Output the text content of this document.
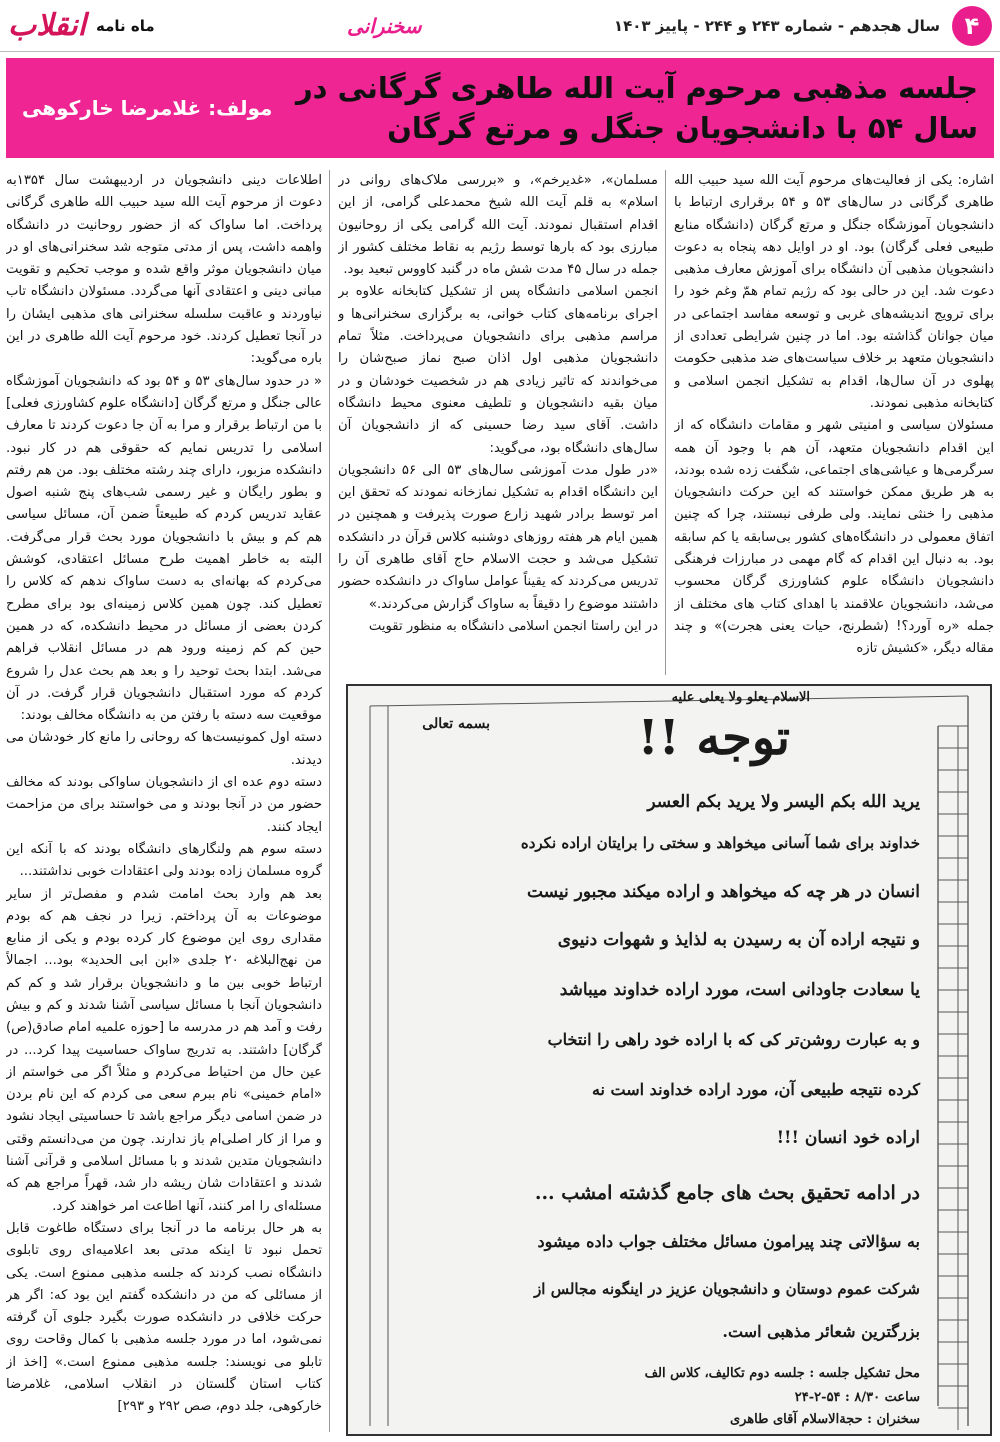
۴
سال هجدهم - شماره ۲۴۳ و ۲۴۴ - پاییز ۱۴۰۳
سخنرانی
ماه نامه
انقلاب
جلسه مذهبی مرحوم آیت الله طاهری گرگانی در سال ۵۴ با دانشجویان جنگل و مرتع گرگان
مولف: غلامرضا خارکوهی

اشاره: یکی از فعالیت‌های مرحوم آیت الله سید حبیب الله طاهری گرگانی در سال‌های ۵۳ و ۵۴ برقراری ارتباط با دانشجویان آموزشگاه جنگل و مرتع گرگان (دانشگاه منابع طبیعی فعلی گرگان) بود. او در اوایل دهه پنجاه به دعوت دانشجویان مذهبی آن دانشگاه برای آموزش معارف مذهبی دعوت شد. این در حالی بود که رژیم تمام همّ وغم خود را برای ترویج اندیشه‌های غربی و توسعه مفاسد اجتماعی در میان جوانان گذاشته بود. اما در چنین شرایطی تعدادی از دانشجویان متعهد بر خلاف سیاست‌های ضد مذهبی حکومت پهلوی در آن سال‌ها، اقدام به تشکیل انجمن اسلامی و کتابخانه مذهبی نمودند.

مسئولان سیاسی و امنیتی شهر و مقامات دانشگاه که از این اقدام دانشجویان متعهد، آن هم با وجود آن همه سرگرمی‌ها و عیاشی‌های اجتماعی، شگفت زده شده بودند، به هر طریق ممکن خواستند که این حرکت دانشجویان مذهبی را خنثی نمایند. ولی طرفی نبستند، چرا که چنین اتفاق معمولی در دانشگاه‌های کشور بی‌سابقه یا کم سابقه بود. به دنبال این اقدام که گام مهمی در مبارزات فرهنگی دانشجویان دانشگاه علوم کشاورزی گرگان محسوب می‌شد، دانشجویان علاقمند با اهدای کتاب های مختلف از جمله «ره آورد؟! (شطرنج، حیات یعنی هجرت)» و چند مقاله دیگر، «کشیش تازه

مسلمان»، «غدیرخم»، و «بررسی ملاک‌های روانی در اسلام» به قلم آیت الله شیخ محمدعلی گرامی، از این اقدام استقبال نمودند. آیت الله گرامی یکی از روحانیون مبارزی بود که بارها توسط رژیم به نقاط مختلف کشور از جمله در سال ۴۵ مدت شش ماه در گنبد کاووس تبعید بود.

انجمن اسلامی دانشگاه پس از تشکیل کتابخانه علاوه بر اجرای برنامه‌های کتاب خوانی، به برگزاری سخنرانی‌ها و مراسم مذهبی برای دانشجویان می‌پرداخت. مثلاً تمام دانشجویان مذهبی اول اذان صبح نماز صبح‌شان را می‌خواندند که تاثیر زیادی هم در شخصیت خودشان و در میان بقیه دانشجویان و تلطیف معنوی محیط دانشگاه داشت. آقای سید رضا حسینی که از دانشجویان آن سال‌های دانشگاه بود، می‌گوید:

«در طول مدت آموزشی سال‌های ۵۳ الی ۵۶ دانشجویان این دانشگاه اقدام به تشکیل نمازخانه نمودند که تحقق این امر توسط برادر شهید زارع صورت پذیرفت و همچنین در همین ایام هر هفته روزهای دوشنبه کلاس قرآن در دانشکده تشکیل می‌شد و حجت الاسلام حاج آقای طاهری آن را تدریس می‌کردند که یقیناً عوامل ساواک در دانشکده حضور داشتند موضوع را دقیقاً به ساواک گزارش می‌کردند.»

در این راستا انجمن اسلامی دانشگاه به منظور تقویت

اطلاعات دینی دانشجویان در اردیبهشت سال ۱۳۵۴به دعوت از مرحوم آیت الله سید حبیب الله طاهری گرگانی پرداخت. اما ساواک که از حضور روحانیت در دانشگاه واهمه داشت، پس از مدتی متوجه شد سخنرانی‌های او در میان دانشجویان موثر واقع شده و موجب تحکیم و تقویت مبانی دینی و اعتقادی آنها می‌گردد. مسئولان دانشگاه تاب نیاوردند و عاقبت سلسله سخنرانی های مذهبی ایشان را در آنجا تعطیل کردند. خود مرحوم آیت الله طاهری در این باره می‌گوید:

« در حدود سال‌های ۵۳ و ۵۴ بود که دانشجویان آموزشگاه عالی جنگل و مرتع گرگان [دانشگاه علوم کشاورزی فعلی] با من ارتباط برقرار و مرا به آن جا دعوت کردند تا معارف اسلامی را تدریس نمایم که حقوقی هم در کار نبود. دانشکده مزبور، دارای چند رشته مختلف بود. من هم رفتم و بطور رایگان و غیر رسمی شب‌های پنج شنبه اصول عقاید تدریس کردم که طبیعتاً ضمن آن، مسائل سیاسی هم کم و بیش با دانشجویان مورد بحث قرار می‌گرفت. البته به خاطر اهمیت طرح مسائل اعتقادی، کوشش می‌کردم که بهانه‌ای به دست ساواک ندهم که کلاس را تعطیل کند. چون همین کلاس زمینه‌ای بود برای مطرح کردن بعضی از مسائل در محیط دانشکده، که در همین حین کم کم زمینه ورود هم در مسائل انقلاب فراهم می‌شد. ابتدا بحث توحید را و بعد هم بحث عدل را شروع کردم که مورد استقبال دانشجویان قرار گرفت. در آن موقعیت سه دسته با رفتن من به دانشگاه مخالف بودند:

دسته اول کمونیست‌ها که روحانی را مانع کار خودشان می دیدند.

دسته دوم عده ای از دانشجویان ساواکی بودند که مخالف حضور من در آنجا بودند و می خواستند برای من مزاحمت ایجاد کنند.

دسته سوم هم ولنگارهای دانشگاه بودند که با آنکه این گروه مسلمان زاده بودند ولی اعتقادات خوبی نداشتند...

بعد هم وارد بحث امامت شدم و مفصل‌تر از سایر موضوعات به آن پرداختم. زیرا در نجف هم که بودم مقداری روی این موضوع کار کرده بودم و یکی از منابع من نهج‌البلاغه ۲۰ جلدی «ابن ابی الحدید» بود... اجمالاً ارتباط خوبی بین ما و دانشجویان برقرار شد و کم کم دانشجویان آنجا با مسائل سیاسی آشنا شدند و کم و بیش رفت و آمد هم در مدرسه ما [حوزه علمیه امام صادق(ص) گرگان] داشتند. به تدریج ساواک حساسیت پیدا کرد... در عین حال من احتیاط می‌کردم و مثلاً اگر می خواستم از «امام خمینی» نام ببرم سعی می کردم که این نام بردن در ضمن اسامی دیگر مراجع باشد تا حساسیتی ایجاد نشود و مرا از کار اصلی‌ام باز ندارند. چون من می‌دانستم وقتی دانشجویان متدین شدند و با مسائل اسلامی و قرآنی آشنا شدند و اعتقادات شان ریشه دار شد، قهراً مراجع هم که مسئله‌ای را امر کنند، آنها اطاعت امر خواهند کرد.

به هر حال برنامه ما در آنجا برای دستگاه طاغوت قابل تحمل نبود تا اینکه مدتی بعد اعلامیه‌ای روی تابلوی دانشگاه نصب کردند که جلسه مذهبی ممنوع است. یکی از مسائلی که من در دانشکده گفتم این بود که: اگر هر حرکت خلافی در دانشکده صورت بگیرد جلوی آن گرفته نمی‌شود، اما در مورد جلسه مذهبی با کمال وقاحت روی تابلو می نویسند: جلسه مذهبی ممنوع است.» [اخذ از کتاب استان گلستان در انقلاب اسلامی، غلامرضا خارکوهی، جلد دوم، صص ۲۹۲ و ۲۹۳]

الاسلام یعلو ولا یعلی علیه
بسمه تعالی	توجه !!
یرید الله بکم الیسر ولا یرید بکم العسر
خداوند برای شما آسانی میخواهد و سختی را برایتان اراده نکرده
انسان در هر چه که میخواهد و اراده میکند مجبور نیست
و نتیجه اراده آن به رسیدن به لذایذ و شهوات دنیوی
یا سعادت جاودانی است، مورد اراده خداوند میباشد
و به عبارت روشن‌تر کی که با اراده خود راهی را انتخاب
کرده نتیجه طبیعی آن، مورد اراده خداوند است نه
اراده خود انسان !!!
در ادامه تحقیق بحث های جامع گذشته امشب ...
به سؤالاتی چند پیرامون مسائل مختلف جواب داده میشود
شرکت عموم دوستان و دانشجویان عزیز در اینگونه مجالس از
بزرگترین شعائر مذهبی است.
محل تشکیل جلسه : جلسه دوم تکالیف، کلاس الف
ساعت ۸/۳۰ : ۵۴-۲-۲۴
سخنران : حجةالاسلام آقای طاهری
